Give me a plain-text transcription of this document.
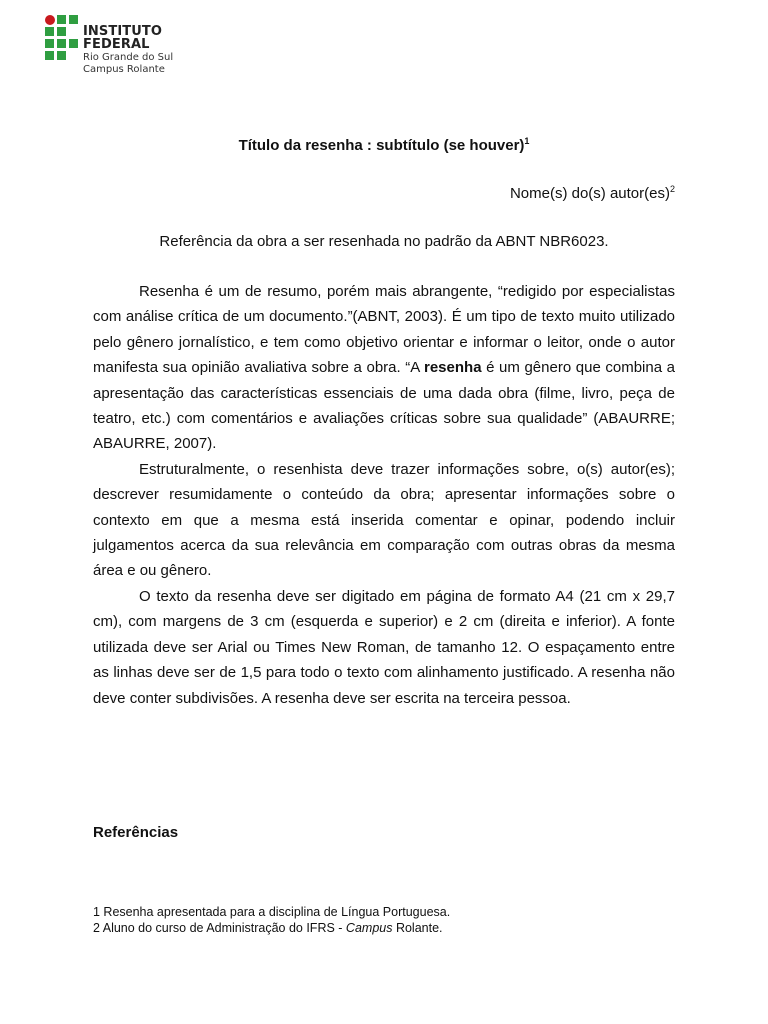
INSTITUTO FEDERAL
Rio Grande do Sul
Campus Rolante
Título da resenha : subtítulo (se houver)$^1$
Nome(s) do(s) autor(es)$^2$
Referência da obra a ser resenhada no padrão da ABNT NBR6023.

Resenha é um de resumo, porém mais abrangente, “redigido por especialistas com análise crítica de um documento.”(ABNT, 2003). É um tipo de texto muito utilizado pelo gênero jornalístico, e tem como objetivo orientar e informar o leitor, onde o autor manifesta sua opinião avaliativa sobre a obra. “A resenha é um gênero que combina a apresentação das características essenciais de uma dada obra (filme, livro, peça de teatro, etc.) com comentários e avaliações críticas sobre sua qualidade” (ABAURRE; ABAURRE, 2007).

Estruturalmente, o resenhista deve trazer informações sobre, o(s) autor(es); descrever resumidamente o conteúdo da obra; apresentar informações sobre o contexto em que a mesma está inserida comentar e opinar, podendo incluir julgamentos acerca da sua relevância em comparação com outras obras da mesma área e ou gênero.

O texto da resenha deve ser digitado em página de formato A4 (21 cm x 29,7 cm), com margens de 3 cm (esquerda e superior) e 2 cm (direita e inferior). A fonte utilizada deve ser Arial ou Times New Roman, de tamanho 12. O espaçamento entre as linhas deve ser de 1,5 para todo o texto com alinhamento justificado. A resenha não deve conter subdivisões. A resenha deve ser escrita na terceira pessoa.

Referências
1 Resenha apresentada para a disciplina de Língua Portuguesa.
2 Aluno do curso de Administração do IFRS - Campus Rolante.
